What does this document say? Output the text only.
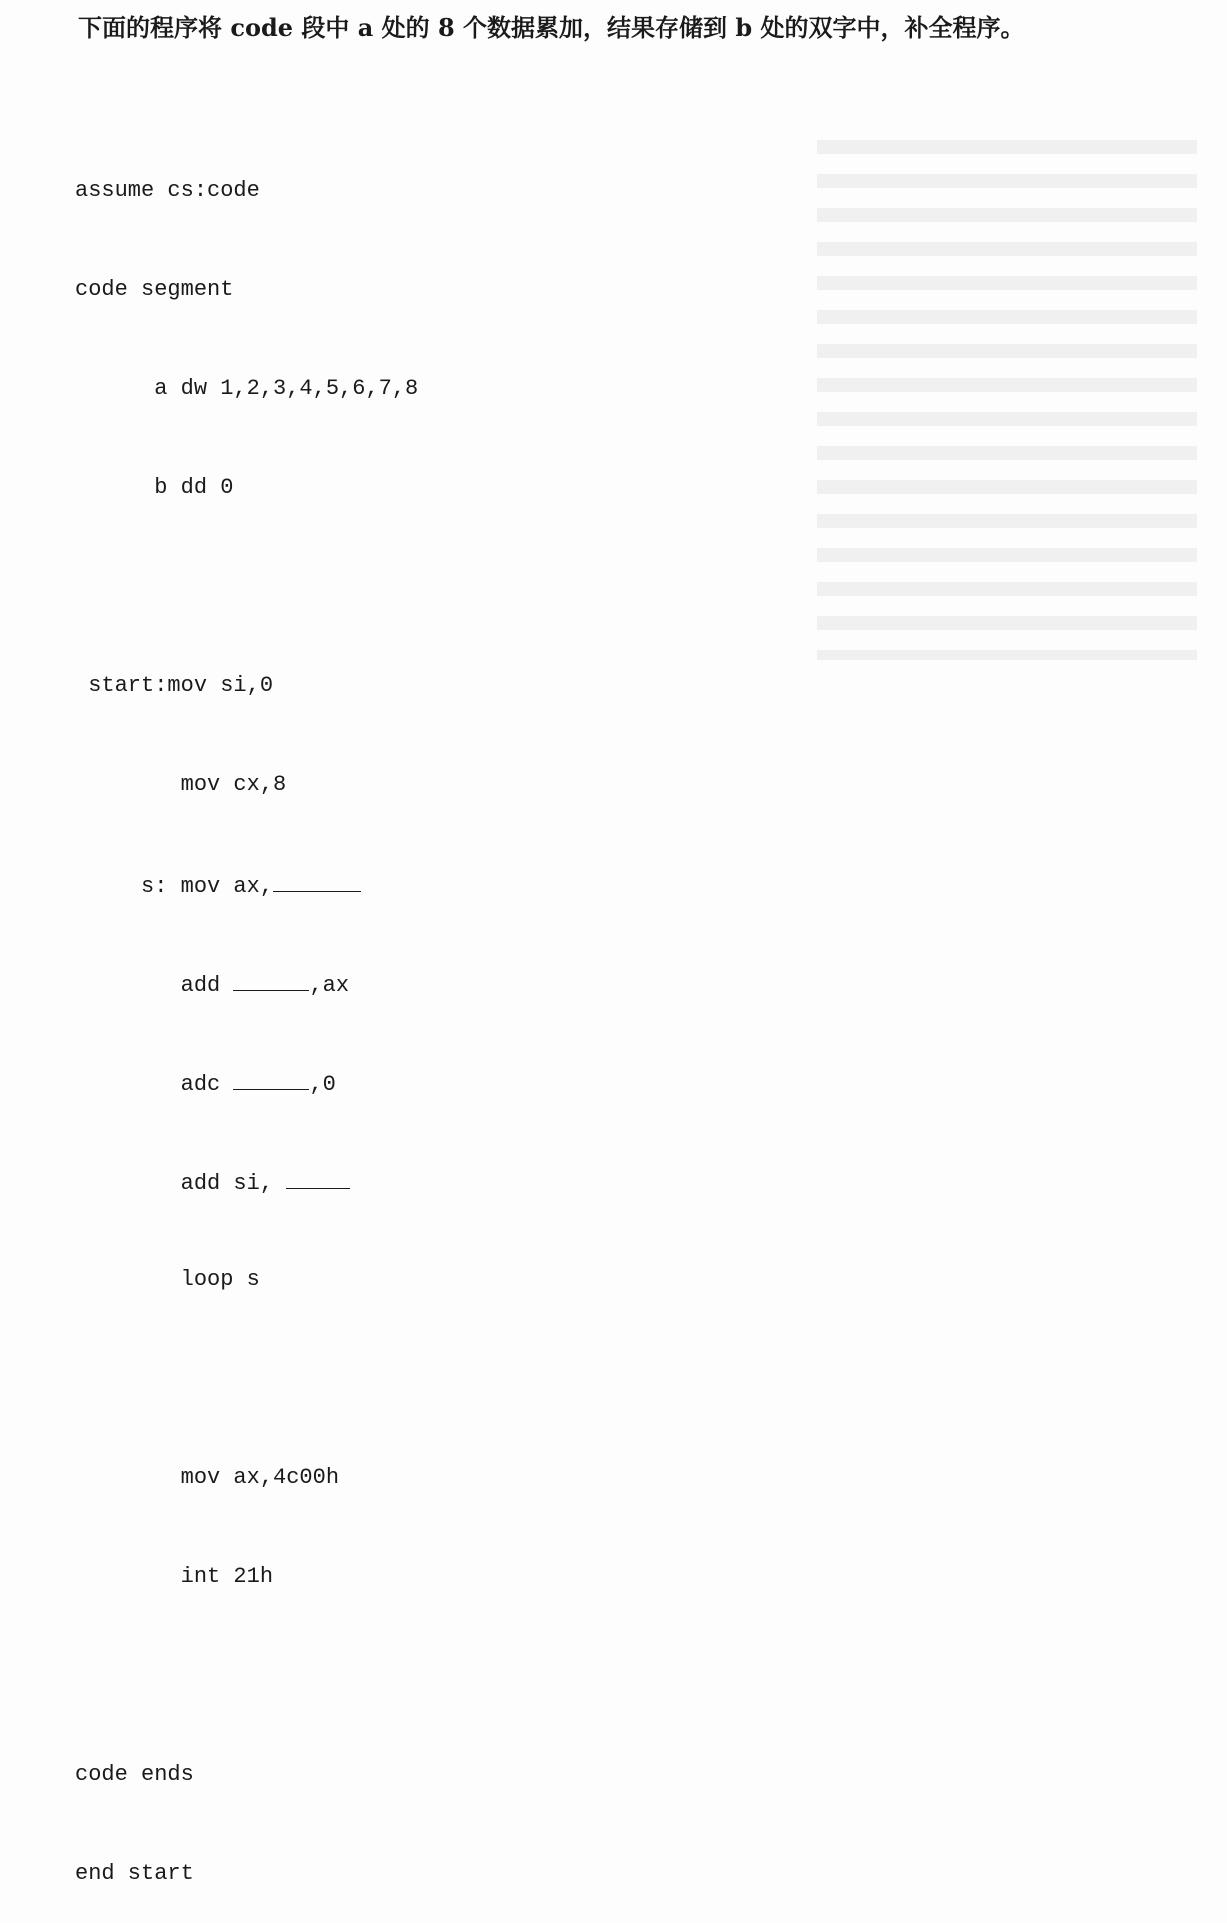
下面的程序将 code 段中 a 处的 8 个数据累加，结果存储到 b 处的双字中，补全程序。

assume cs:code

code segment

a dw 1,2,3,4,5,6,7,8

b dd 0

start:mov si,0

mov cx,8

s: mov ax,

add	,ax

adc	,0

add si,

loop s

mov ax,4c00h

int 21h

code ends

end start
